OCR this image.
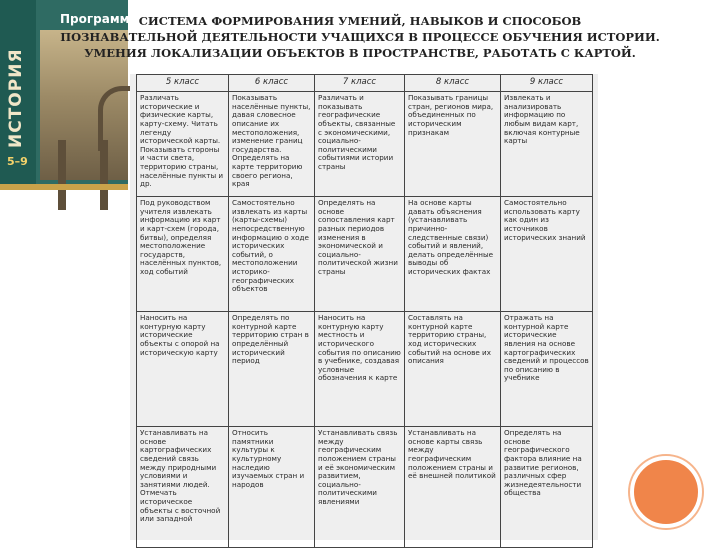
ИСТОРИЯ
5–9
Программа СИСТЕМА ФОРМИРОВАНИЯ УМЕНИЙ, НАВЫКОВ И СПОСОБОВ
ПОЗНАВАТЕЛЬНОЙ ДЕЯТЕЛЬНОСТИ УЧАЩИХСЯ В ПРОЦЕССЕ ОБУЧЕНИЯ ИСТОРИИ.
УМЕНИЯ ЛОКАЛИЗАЦИИ ОБЪЕКТОВ В ПРОСТРАНСТВЕ, РАБОТАТЬ С КАРТОЙ.
5 класс	6 класс	7 класс	8 класс	9 класс
Различать исторические и физические карты, карту-схему. Читать легенду исторической карты. Показывать стороны и части света, территорию страны, населённые пункты и др.	Показывать населённые пункты, давая словесное описание их местоположения, изменение границ государства. Определять на карте территорию своего региона, края	Различать и показывать географические объекты, связанные с экономическими, социально-политическими событиями истории страны	Показывать границы стран, регионов мира, объединенных по историческим признакам	Извлекать и анализировать информацию по любым видам карт, включая контурные карты
Под руководством учителя извлекать информацию из карт и карт-схем (города, битвы), определяя местоположение государств, населённых пунктов, ход событий	Самостоятельно извлекать из карты (карты-схемы) непосредственную информацию о ходе исторических событий, о местоположении историко-географических объектов	Определять на основе сопоставления карт разных периодов изменения в экономической и социально-политической жизни страны	На основе карты давать объяснения (устанавливать причинно-следственные связи) событий и явлений, делать определённые выводы об исторических фактах	Самостоятельно использовать карту как один из источников исторических знаний
Наносить на контурную карту исторические объекты с опорой на историческую карту	Определять по контурной карте территорию стран в определённый исторический период	Наносить на контурную карту местность и исторического события по описанию в учебнике, создавая условные обозначения к карте	Составлять на контурной карте территорию страны, ход исторических событий на основе их описания	Отражать на контурной карте исторические явления на основе картографических сведений и процессов по описанию в учебнике
Устанавливать на основе картографических сведений связь между природными условиями и занятиями людей. Отмечать историческое объекты с восточной или западной	Относить памятники культуры к культурному наследию изучаемых стран и народов	Устанавливать связь между географическим положением страны и её экономическим развитием, социально-политическими явлениями	Устанавливать на основе карты связь между географическим положением страны и её внешней политикой	Определять на основе географического фактора влияние на развитие регионов, различных сфер жизнедеятельности общества
